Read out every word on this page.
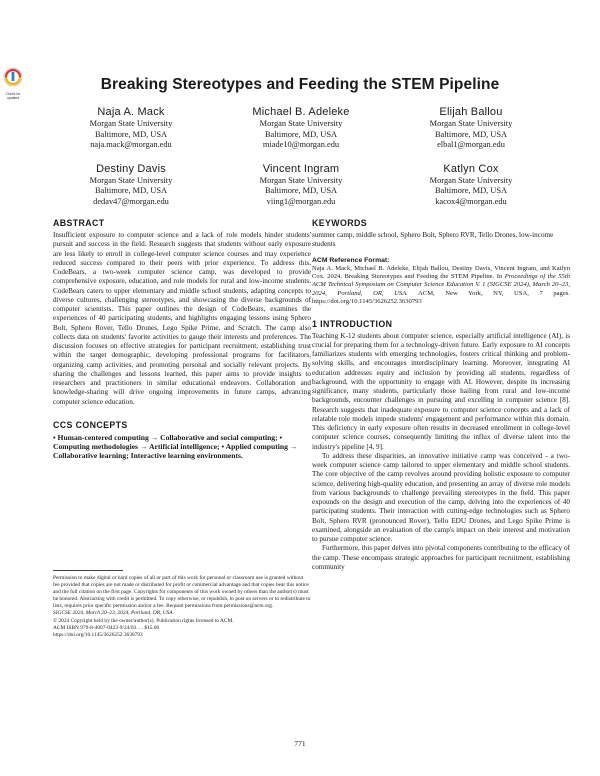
Check for updates
Breaking Stereotypes and Feeding the STEM Pipeline
Naja A. Mack
Morgan State University
Baltimore, MD, USA
naja.mack@morgan.edu
Michael B. Adeleke
Morgan State University
Baltimore, MD, USA
miade10@morgan.edu
Elijah Ballou
Morgan State University
Baltimore, MD, USA
elbal1@morgan.edu
Destiny Davis
Morgan State University
Baltimore, MD, USA
dedav47@morgan.edu
Vincent Ingram
Morgan State University
Baltimore, MD, USA
viing1@morgan.edu
Katlyn Cox
Morgan State University
Baltimore, MD, USA
kacox4@morgan.edu
ABSTRACT

Insufficient exposure to computer science and a lack of role models hinder students' pursuit and success in the field. Research suggests that students without early exposure are less likely to enroll in college-level computer science courses and may experience reduced success compared to their peers with prior experience. To address this, CodeBears, a two-week computer science camp, was developed to provide comprehensive exposure, education, and role models for rural and low-income students. CodeBears caters to upper elementary and middle school students, adapting concepts to diverse cultures, challenging stereotypes, and showcasing the diverse backgrounds of computer scientists. This paper outlines the design of CodeBears, examines the experiences of 40 participating students, and highlights engaging lessons using Sphero Bolt, Sphero Rover, Tello Drones, Lego Spike Prime, and Scratch. The camp also collects data on students' favorite activities to gauge their interests and preferences. The discussion focuses on effective strategies for participant recruitment, establishing trust within the target demographic, developing professional programs for facilitators, organizing camp activities, and promoting personal and socially relevant projects. By sharing the challenges and lessons learned, this paper aims to provide insights to researchers and practitioners in similar educational endeavors. Collaboration and knowledge-sharing will drive ongoing improvements in future camps, advancing computer science education.

CCS CONCEPTS

• Human-centered computing → Collaborative and social computing; • Computing methodologies → Artificial intelligence; • Applied computing → Collaborative learning; Interactive learning environments.

Permission to make digital or hard copies of all or part of this work for personal or classroom use is granted without fee provided that copies are not made or distributed for profit or commercial advantage and that copies bear this notice and the full citation on the first page. Copyrights for components of this work owned by others than the author(s) must be honored. Abstracting with credit is permitted. To copy otherwise, or republish, to post on servers or to redistribute to lists, requires prior specific permission and/or a fee. Request permissions from permissions@acm.org.

SIGCSE 2024, March 20–23, 2024, Portland, OR, USA.

© 2024 Copyright held by the owner/author(s). Publication rights licensed to ACM.

ACM ISBN 979-8-4007-0423-9/24/03. . . $15.00

https://doi.org/10.1145/3626252.3630793

KEYWORDS

summer camp, middle school, Sphero Bolt, Sphero RVR, Tello Drones, low-income students

ACM Reference Format:

Naja A. Mack, Michael B. Adeleke, Elijah Ballou, Destiny Davis, Vincent Ingram, and Katlyn Cox. 2024. Breaking Stereotypes and Feeding the STEM Pipeline. In Proceedings of the 55th ACM Technical Symposium on Computer Science Education V. 1 (SIGCSE 2024), March 20–23, 2024, Portland, OR, USA. ACM, New York, NY, USA, 7 pages. https://doi.org/10.1145/3626252.3630793

1 INTRODUCTION

Teaching K-12 students about computer science, especially artificial intelligence (AI), is crucial for preparing them for a technology-driven future. Early exposure to AI concepts familiarizes students with emerging technologies, fosters critical thinking and problem-solving skills, and encourages interdisciplinary learning. Moreover, integrating AI education addresses equity and inclusion by providing all students, regardless of background, with the opportunity to engage with AI. However, despite its increasing significance, many students, particularly those hailing from rural and low-income backgrounds, encounter challenges in pursuing and excelling in computer science [8]. Research suggests that inadequate exposure to computer science concepts and a lack of relatable role models impede students' engagement and performance within this domain. This deficiency in early exposure often results in decreased enrollment in college-level computer science courses, consequently limiting the influx of diverse talent into the industry's pipeline [4, 9].

To address these disparities, an innovative initiative camp was conceived - a two-week computer science camp tailored to upper elementary and middle school students. The core objective of the camp revolves around providing holistic exposure to computer science, delivering high-quality education, and presenting an array of diverse role models from various backgrounds to challenge prevailing stereotypes in the field. This paper expounds on the design and execution of the camp, delving into the experiences of 40 participating students. Their interaction with cutting-edge technologies such as Sphero Bolt, Sphero RVR (pronounced Rover), Tello EDU Drones, and Lego Spike Prime is examined, alongside an evaluation of the camp's impact on their interest and motivation to pursue computer science.

Furthermore, this paper delves into pivotal components contributing to the efficacy of the camp. These encompass strategic approaches for participant recruitment, establishing community

771
